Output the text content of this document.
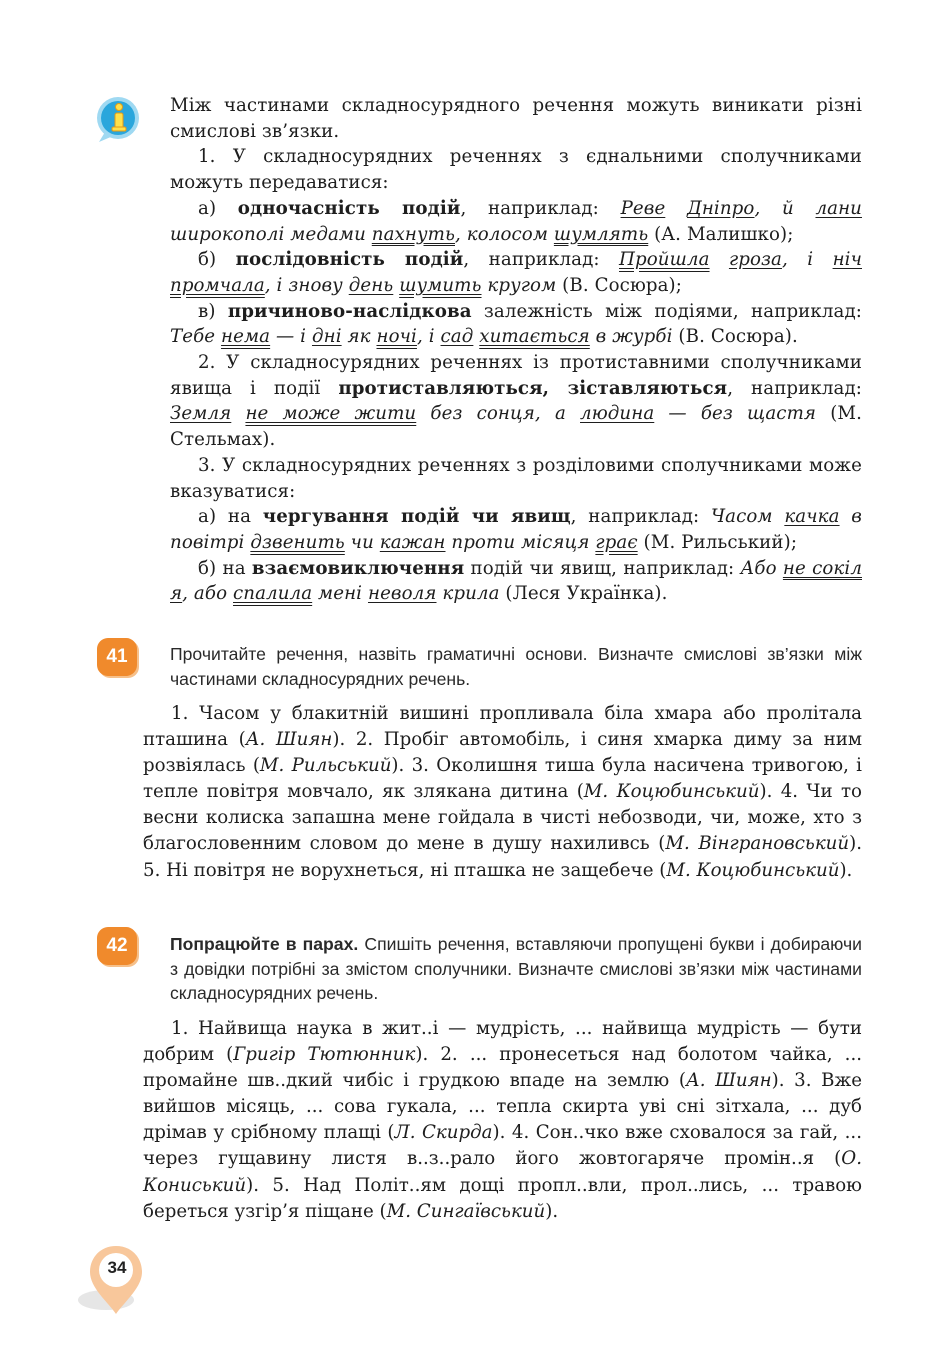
Між частинами складносурядного речення можуть виникати різні смислові зв’язки.

1. У складносурядних реченнях з єднальними сполучниками можуть передаватися:

а) одночасність подій, наприклад: Реве Дніпро, й лани широкополі медами пахнуть, колосом шумлять (А. Малишко);

б) послідовність подій, наприклад: Пройшла гроза, і ніч промчала, і знову день шумить кругом (В. Сосюра);

в) причиново-наслідкова залежність між подіями, наприклад: Тебе нема — і дні як ночі, і сад хитається в журбі (В. Сосюра).

2. У складносурядних реченнях із протиставними сполучниками явища і події протиставляються, зіставляються, наприклад: Земля не може жити без сонця, а людина — без щастя (М. Стельмах).

3. У складносурядних реченнях з розділовими сполучниками може вказуватися:

а) на чергування подій чи явищ, наприклад: Часом качка в повітрі дзвенить чи кажан проти місяця грає (М. Рильський);

б) на взаємовиключення подій чи явищ, наприклад: Або не сокіл я, або спалила мені неволя крила (Леся Українка).

41	Прочитайте речення, назвіть граматичні основи. Визначте смислові зв’язки між частинами складносурядних речень.

1. Часом у блакитній вишині пропливала біла хмара або пролітала пташина (А. Шиян). 2. Пробіг автомобіль, і синя хмарка диму за ним розвіялась (М. Рильський). 3. Околишня тиша була насичена тривогою, і тепле повітря мовчало, як злякана дитина (М. Коцюбинський). 4. Чи то весни колиска запашна мене гойдала в чисті небозводи, чи, може, хто з благословенним словом до мене в душу нахиливсь (М. Вінграновський). 5. Ні повітря не ворухнеться, ні пташка не защебече (М. Коцюбинський).

42	Попрацюйте в парах. Спишіть речення, вставляючи пропущені букви і добираючи з довідки потрібні за змістом сполучники. Визначте смислові зв’язки між частинами складносурядних речень.

1. Найвища наука в жит..і — мудрість, ... найвища мудрість — бути добрим (Григір Тютюнник). 2. ... пронесеться над болотом чайка, ... промайне шв..дкий чибіс і грудкою впаде на землю (А. Шиян). 3. Вже вийшов місяць, ... сова гукала, ... тепла скирта уві сні зітхала, ... дуб дрімав у срібному плащі (Л. Скирда). 4. Сон..чко вже сховалося за гай, ... через гущавину листя в..з..рало його жовтогаряче промін..я (О. Кониський). 5. Над Політ..ям дощі пропл..вли, прол..лись, ... травою береться узгір’я піщане (М. Сингаївський).

34
